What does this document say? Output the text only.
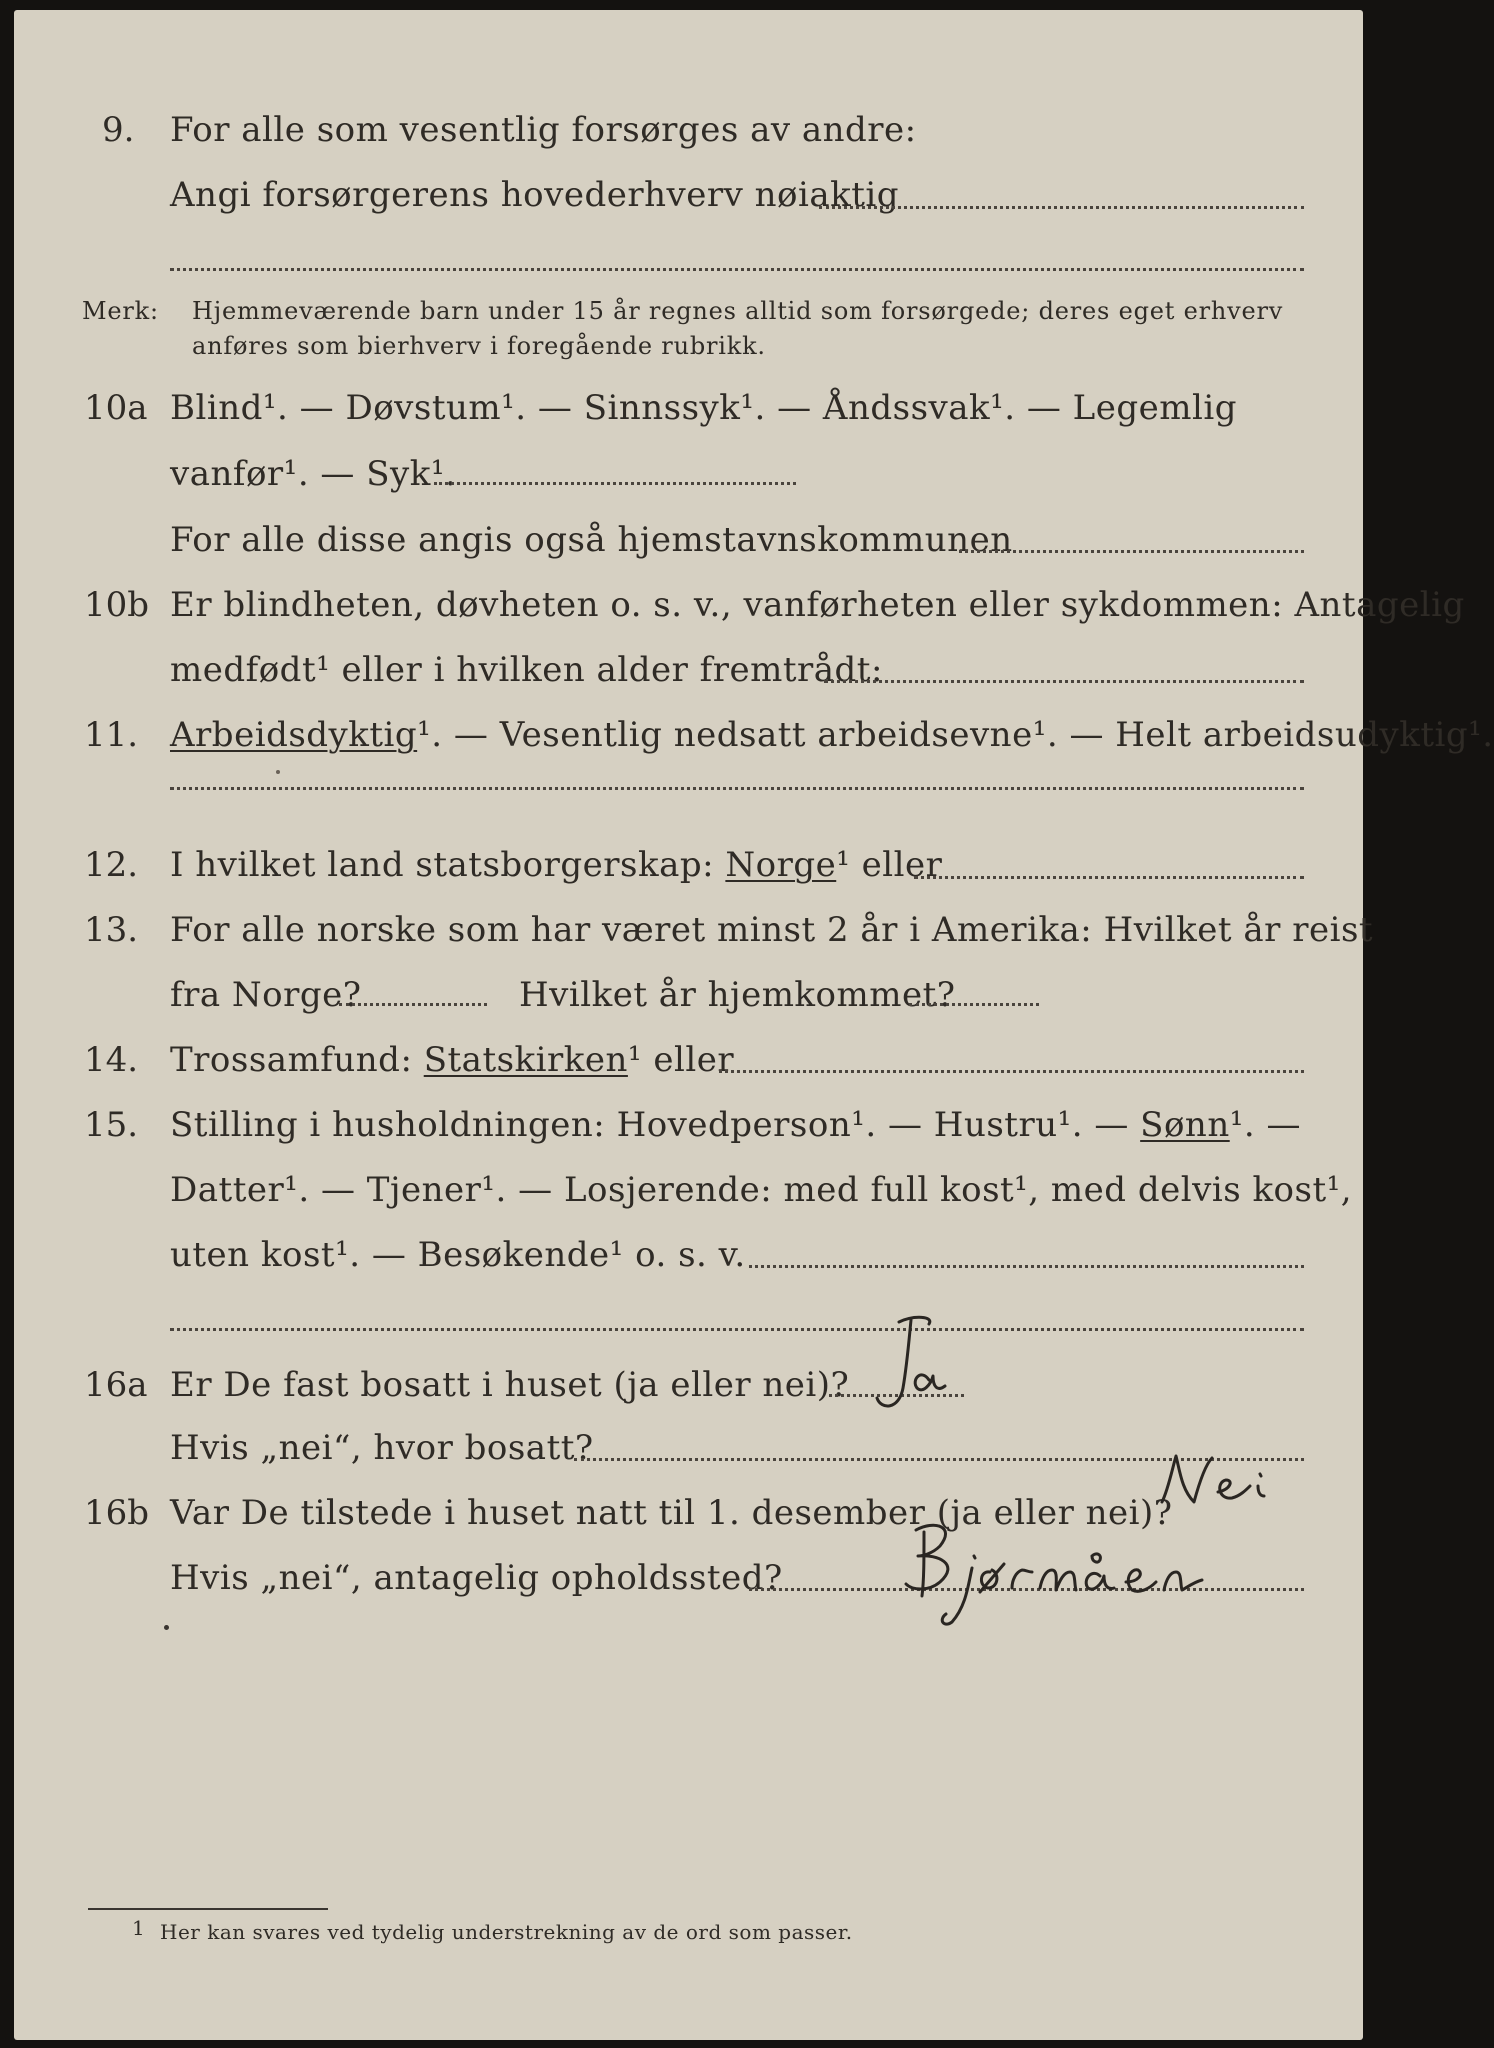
9. For alle som vesentlig forsørges av andre:
Angi forsørgerens hovederhverv nøiaktig
Merk: Hjemmeværende barn under 15 år regnes alltid som forsørgede; deres eget erhverv
anføres som bierhverv i foregående rubrikk.
10a Blind¹. — Døvstum¹. — Sinnssyk¹. — Åndssvak¹. — Legemlig
vanfør¹. — Syk¹.
For alle disse angis også hjemstavnskommunen
10b Er blindheten, døvheten o. s. v., vanførheten eller sykdommen: Antagelig
medfødt¹ eller i hvilken alder fremtrådt:
11. Arbeidsdyktig¹. — Vesentlig nedsatt arbeidsevne¹. — Helt arbeidsudyktig¹.
12. I hvilket land statsborgerskap: Norge¹ eller
13. For alle norske som har været minst 2 år i Amerika: Hvilket år reist
fra Norge?	Hvilket år hjemkommet?
14. Trossamfund: Statskirken¹ eller
15. Stilling i husholdningen: Hovedperson¹. — Hustru¹. — Sønn¹. —
Datter¹. — Tjener¹. — Losjerende: med full kost¹, med delvis kost¹,
uten kost¹. — Besøkende¹ o. s. v.
16a Er De fast bosatt i huset (ja eller nei)?
Hvis „nei“, hvor bosatt?
16b Var De tilstede i huset natt til 1. desember (ja eller nei)?
Hvis „nei“, antagelig opholdssted?
1 Her kan svares ved tydelig understrekning av de ord som passer.
